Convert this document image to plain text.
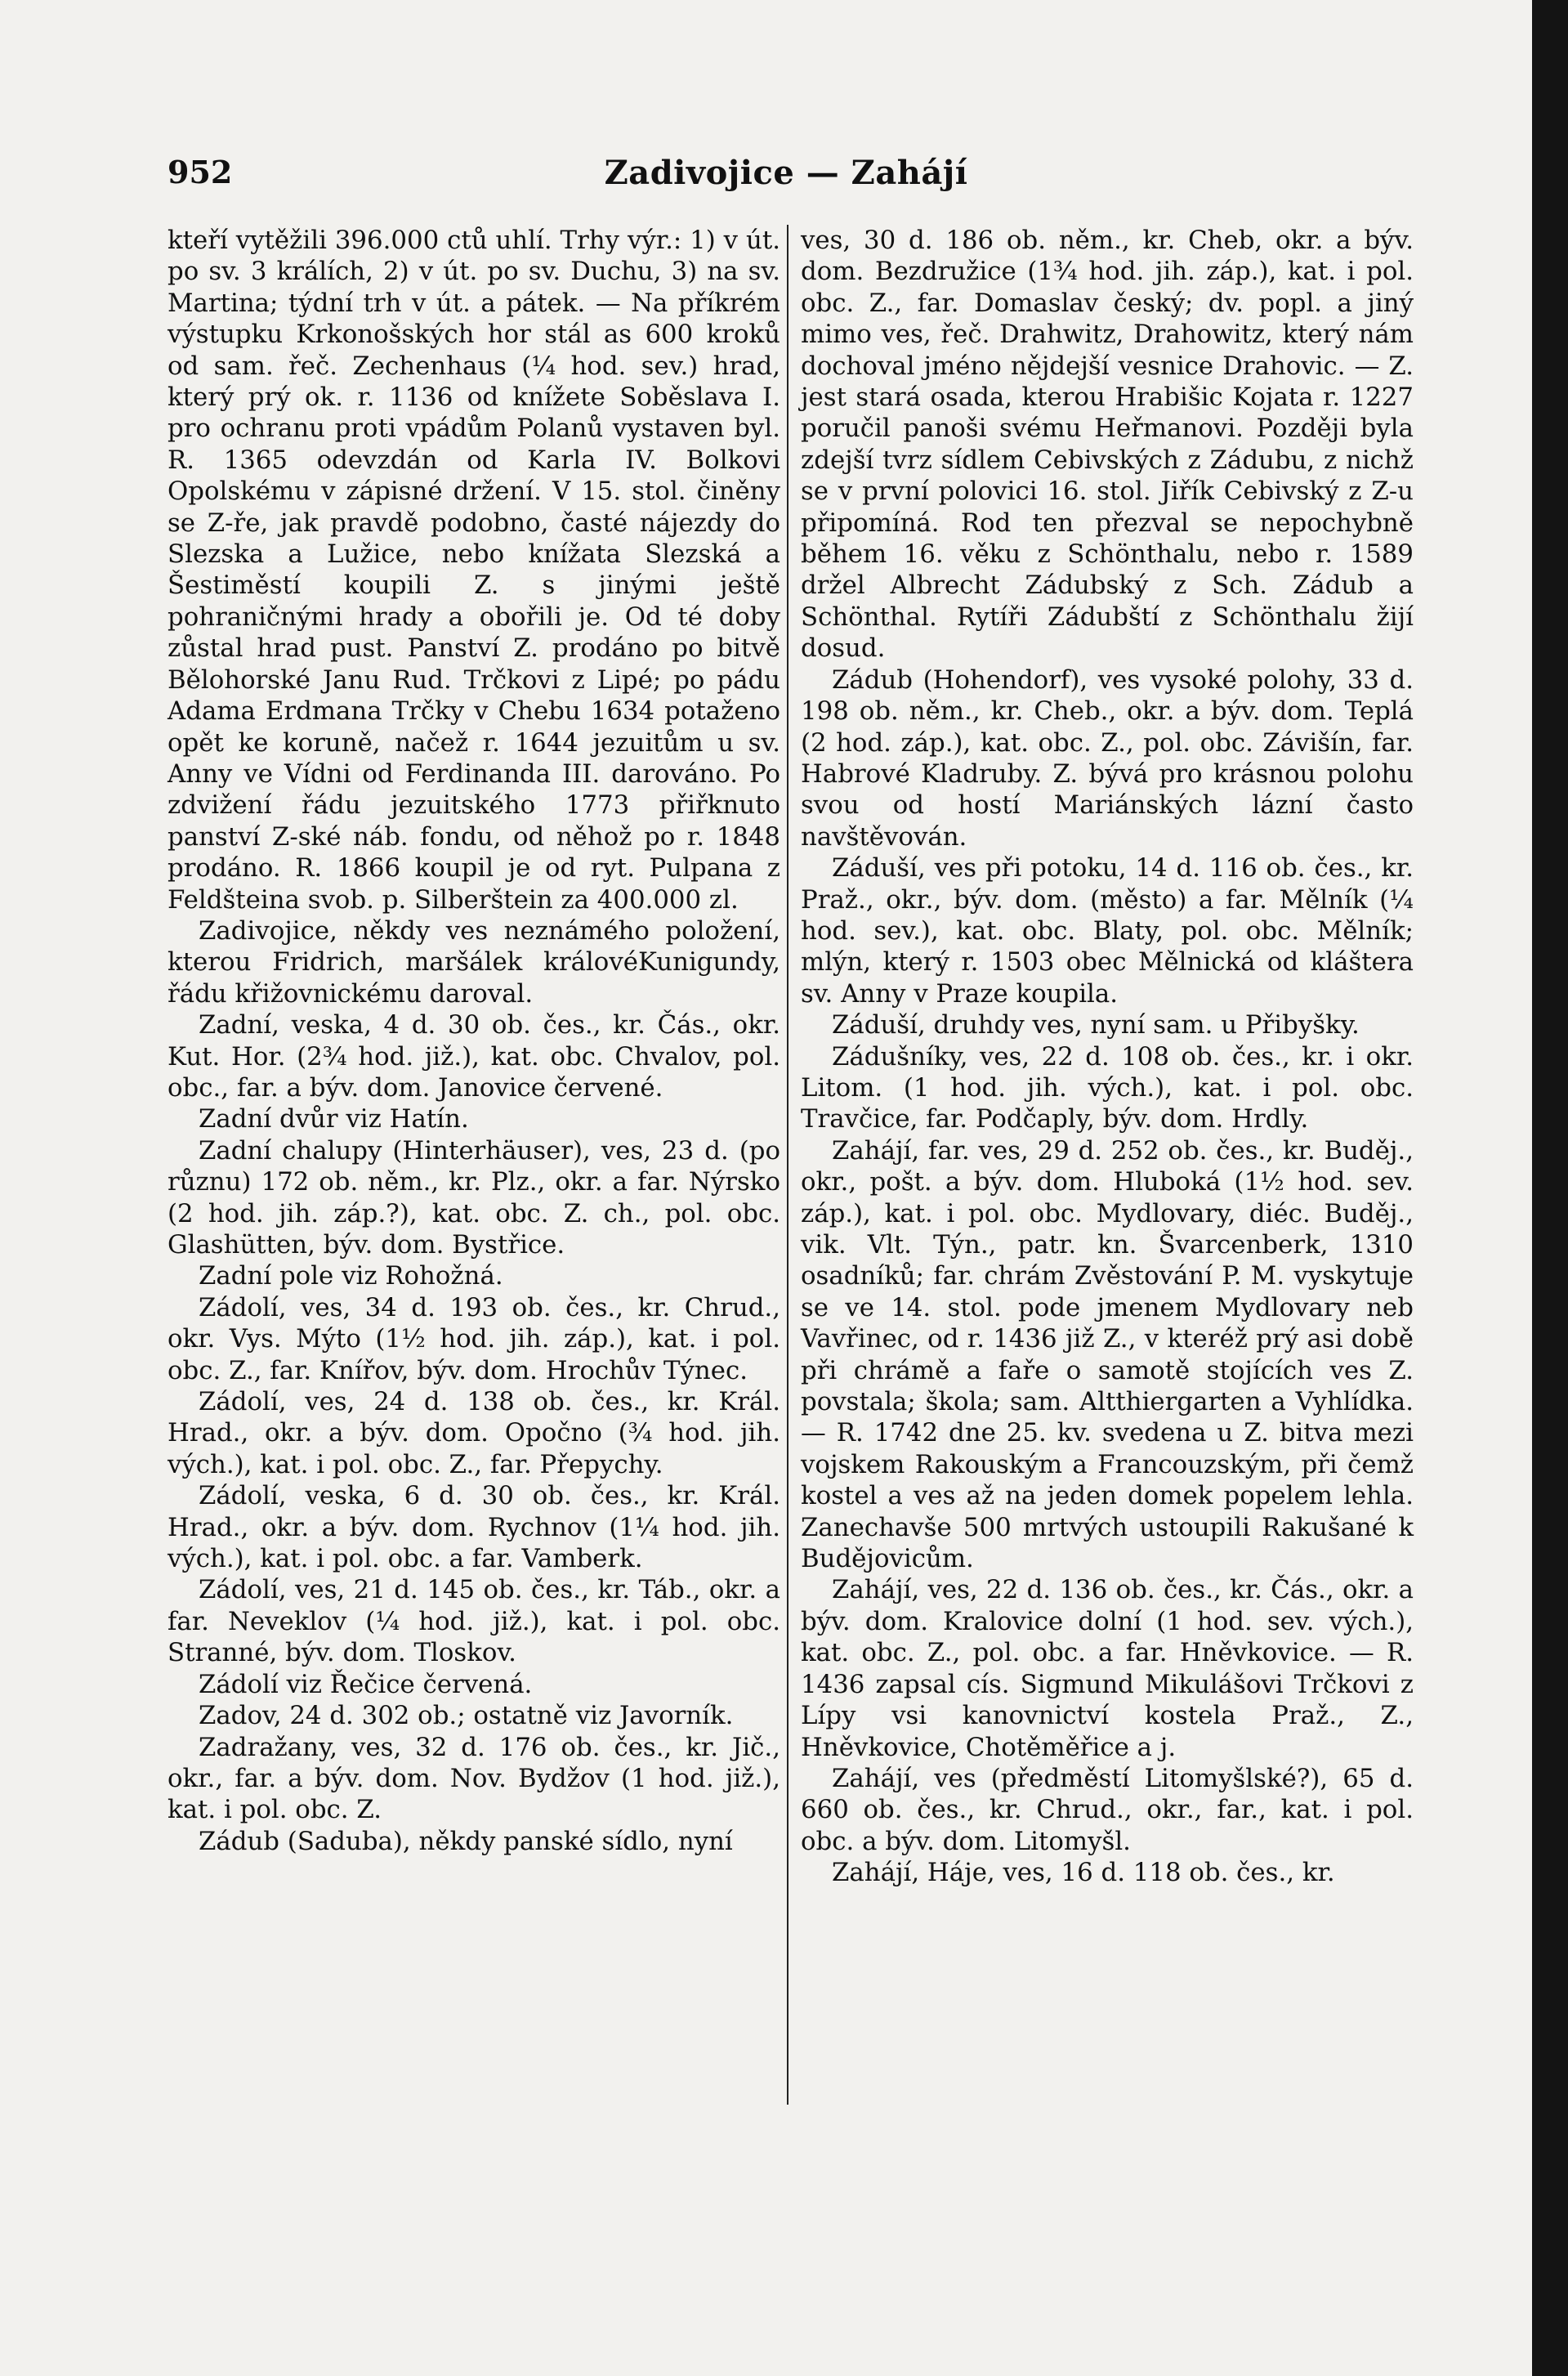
952	Zadivojice — Zahájí

kteří vytěžili 396.000 ctů uhlí. Trhy výr.: 1) v út. po sv. 3 králích, 2) v út. po sv. Duchu, 3) na sv. Martina; týdní trh v út. a pátek. — Na příkrém výstupku Krkonošských hor stál as 600 kroků od sam. řeč. Zechenhaus (¼ hod. sev.) hrad, který prý ok. r. 1136 od knížete Soběslava I. pro ochranu proti vpádům Polanů vystaven byl. R. 1365 odevzdán od Karla IV. Bolkovi Opolskému v zápisné držení. V 15. stol. činěny se Z-ře, jak pravdě podobno, časté nájezdy do Slezska a Lužice, nebo knížata Slezská a Šestiměstí koupili Z. s jinými ještě pohraničnými hrady a obořili je. Od té doby zůstal hrad pust. Panství Z. prodáno po bitvě Bělohorské Janu Rud. Trčkovi z Lipé; po pádu Adama Erdmana Trčky v Chebu 1634 potaženo opět ke koruně, načež r. 1644 jezuitům u sv. Anny ve Vídni od Ferdinanda III. darováno. Po zdvižení řádu jezuitského 1773 přiřknuto panství Z-ské náb. fondu, od něhož po r. 1848 prodáno. R. 1866 koupil je od ryt. Pulpana z Feldšteina svob. p. Silberštein za 400.000 zl.

Zadivojice, někdy ves neznámého položení, kterou Fridrich, maršálek královéKunigundy, řádu křižovnickému daroval.

Zadní, veska, 4 d. 30 ob. čes., kr. Čás., okr. Kut. Hor. (2¾ hod. již.), kat. obc. Chvalov, pol. obc., far. a býv. dom. Janovice červené.

Zadní dvůr viz Hatín.

Zadní chalupy (Hinterhäuser), ves, 23 d. (po různu) 172 ob. něm., kr. Plz., okr. a far. Nýrsko (2 hod. jih. záp.?), kat. obc. Z. ch., pol. obc. Glashütten, býv. dom. Bystřice.

Zadní pole viz Rohožná.

Zádolí, ves, 34 d. 193 ob. čes., kr. Chrud., okr. Vys. Mýto (1½ hod. jih. záp.), kat. i pol. obc. Z., far. Knířov, býv. dom. Hrochův Týnec.

Zádolí, ves, 24 d. 138 ob. čes., kr. Král. Hrad., okr. a býv. dom. Opočno (¾ hod. jih. vých.), kat. i pol. obc. Z., far. Přepychy.

Zádolí, veska, 6 d. 30 ob. čes., kr. Král. Hrad., okr. a býv. dom. Rychnov (1¼ hod. jih. vých.), kat. i pol. obc. a far. Vamberk.

Zádolí, ves, 21 d. 145 ob. čes., kr. Táb., okr. a far. Neveklov (¼ hod. již.), kat. i pol. obc. Stranné, býv. dom. Tloskov.

Zádolí viz Řečice červená.

Zadov, 24 d. 302 ob.; ostatně viz Javorník.

Zadražany, ves, 32 d. 176 ob. čes., kr. Jič., okr., far. a býv. dom. Nov. Bydžov (1 hod. již.), kat. i pol. obc. Z.

Zádub (Saduba), někdy panské sídlo, nyní

ves, 30 d. 186 ob. něm., kr. Cheb, okr. a býv. dom. Bezdružice (1¾ hod. jih. záp.), kat. i pol. obc. Z., far. Domaslav český; dv. popl. a jiný mimo ves, řeč. Drahwitz, Drahowitz, který nám dochoval jméno nějdejší vesnice Drahovic. — Z. jest stará osada, kterou Hrabišic Kojata r. 1227 poručil panoši svému Heřmanovi. Později byla zdejší tvrz sídlem Cebivských z Zádubu, z nichž se v první polovici 16. stol. Jiřík Cebivský z Z-u připomíná. Rod ten přezval se nepochybně během 16. věku z Schönthalu, nebo r. 1589 držel Albrecht Zádubský z Sch. Zádub a Schönthal. Rytíři Zádubští z Schönthalu žijí dosud.

Zádub (Hohendorf), ves vysoké polohy, 33 d. 198 ob. něm., kr. Cheb., okr. a býv. dom. Teplá (2 hod. záp.), kat. obc. Z., pol. obc. Závišín, far. Habrové Kladruby. Z. bývá pro krásnou polohu svou od hostí Mariánských lázní často navštěvován.

Záduší, ves při potoku, 14 d. 116 ob. čes., kr. Praž., okr., býv. dom. (město) a far. Mělník (¼ hod. sev.), kat. obc. Blaty, pol. obc. Mělník; mlýn, který r. 1503 obec Mělnická od kláštera sv. Anny v Praze koupila.

Záduší, druhdy ves, nyní sam. u Přibyšky.

Zádušníky, ves, 22 d. 108 ob. čes., kr. i okr. Litom. (1 hod. jih. vých.), kat. i pol. obc. Travčice, far. Podčaply, býv. dom. Hrdly.

Zahájí, far. ves, 29 d. 252 ob. čes., kr. Buděj., okr., pošt. a býv. dom. Hluboká (1½ hod. sev. záp.), kat. i pol. obc. Mydlovary, diéc. Buděj., vik. Vlt. Týn., patr. kn. Švarcenberk, 1310 osadníků; far. chrám Zvěstování P. M. vyskytuje se ve 14. stol. pode jmenem Mydlovary neb Vavřinec, od r. 1436 již Z., v kteréž prý asi době při chrámě a faře o samotě stojících ves Z. povstala; škola; sam. Altthiergarten a Vyhlídka. — R. 1742 dne 25. kv. svedena u Z. bitva mezi vojskem Rakouským a Francouzským, při čemž kostel a ves až na jeden domek popelem lehla. Zanechavše 500 mrtvých ustoupili Rakušané k Budějovicům.

Zahájí, ves, 22 d. 136 ob. čes., kr. Čás., okr. a býv. dom. Kralovice dolní (1 hod. sev. vých.), kat. obc. Z., pol. obc. a far. Hněvkovice. — R. 1436 zapsal cís. Sigmund Mikulášovi Trčkovi z Lípy vsi kanovnictví kostela Praž., Z., Hněvkovice, Chotěměřice a j.

Zahájí, ves (předměstí Litomyšlské?), 65 d. 660 ob. čes., kr. Chrud., okr., far., kat. i pol. obc. a býv. dom. Litomyšl.

Zahájí, Háje, ves, 16 d. 118 ob. čes., kr.
